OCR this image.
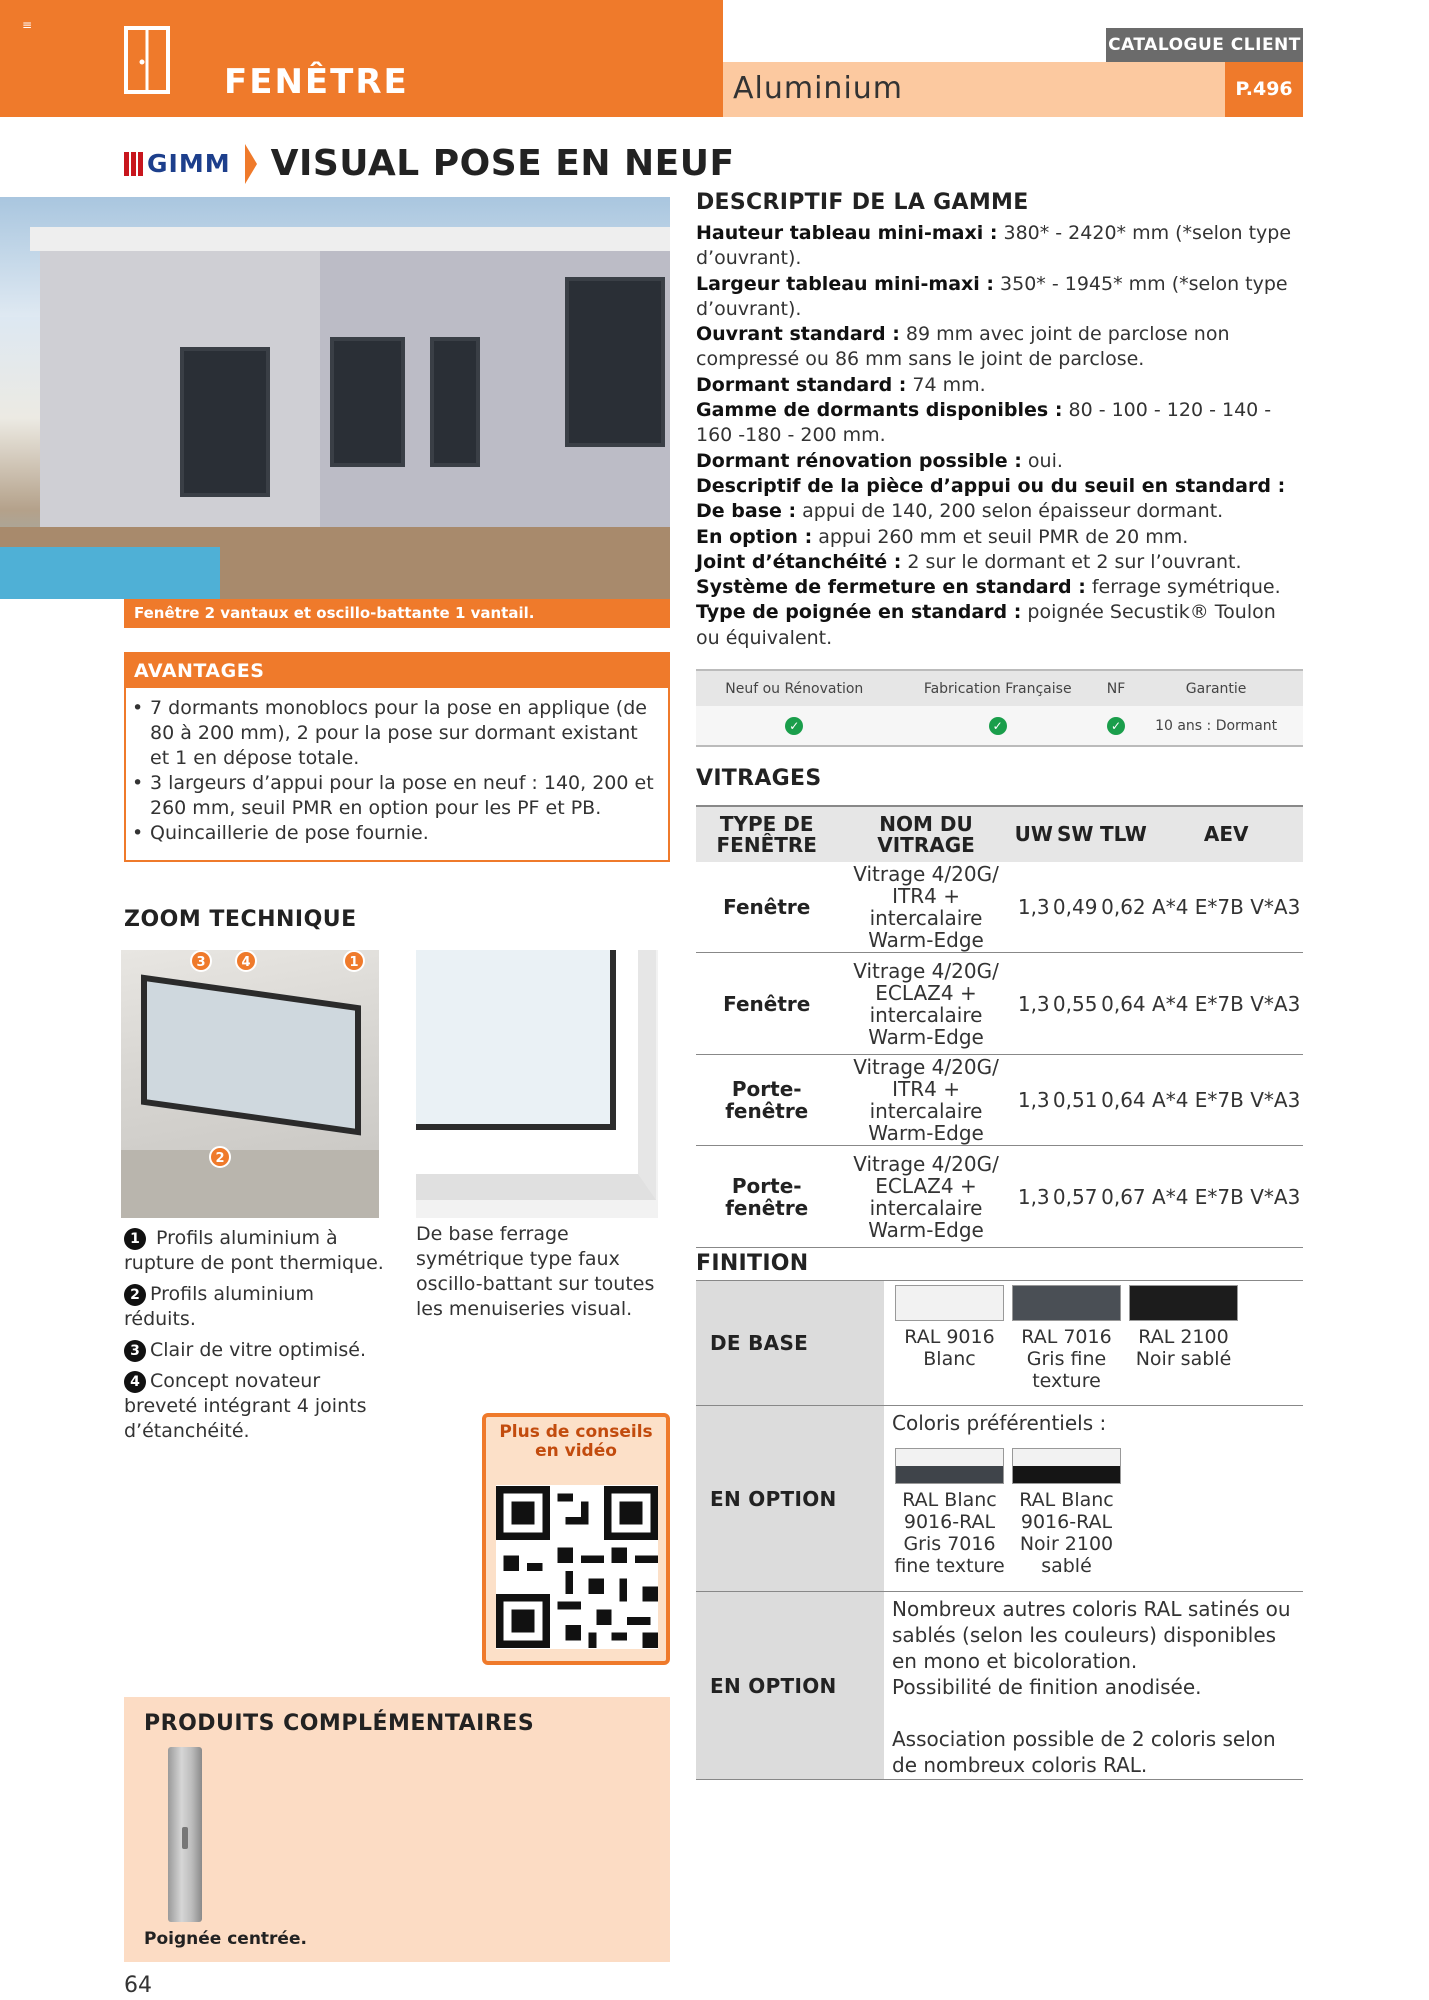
≡
FENÊTRE	Aluminium
CATALOGUE CLIENT
P.496
GIMM VISUAL POSE EN NEUF
Fenêtre 2 vantaux et oscillo-battante 1 vantail.
AVANTAGES
• 7 dormants monoblocs pour la pose en applique (de 80 à 200 mm), 2 pour la pose sur dormant existant et 1 en dépose totale.
• 3 largeurs d’appui pour la pose en neuf : 140, 200 et 260 mm, seuil PMR en option pour les PF et PB.
• Quincaillerie de pose fournie.
ZOOM TECHNIQUE
3	4	1
2
1 Profils aluminium à rupture de pont thermique.
2 Profils aluminium réduits.
3 Clair de vitre optimisé.
4 Concept novateur breveté intégrant 4 joints d’étanchéité.
De base ferrage symétrique type faux oscillo-battant sur toutes les menuiseries visual.
Plus de conseils en vidéo
PRODUITS COMPLÉMENTAIRES
Poignée centrée.
64
DESCRIPTIF DE LA GAMME
Hauteur tableau mini-maxi : 380* - 2420* mm (*selon type d’ouvrant).
Largeur tableau mini-maxi : 350* - 1945* mm (*selon type d’ouvrant).
Ouvrant standard : 89 mm avec joint de parclose non compressé ou 86 mm sans le joint de parclose.
Dormant standard : 74 mm.
Gamme de dormants disponibles : 80 - 100 - 120 - 140 - 160 -180 - 200 mm.
Dormant rénovation possible : oui.
Descriptif de la pièce d’appui ou du seuil en standard :
De base : appui de 140, 200 selon épaisseur dormant.
En option : appui 260 mm et seuil PMR de 20 mm.
Joint d’étanchéité : 2 sur le dormant et 2 sur l’ouvrant.
Système de fermeture en standard : ferrage symétrique.
Type de poignée en standard : poignée Secustik® Toulon ou équivalent.
Neuf ou Rénovation	Fabrication Française	NF	Garantie
✓	✓	✓	10 ans : Dormant
VITRAGES
TYPE DE FENÊTRE	NOM DU VITRAGE	UW	SW	TLW	AEV
Fenêtre	Vitrage 4/20G/ ITR4 + intercalaire Warm-Edge	1,3	0,49	0,62	A*4 E*7B V*A3
Fenêtre	Vitrage 4/20G/ ECLAZ4 + intercalaire Warm-Edge	1,3	0,55	0,64	A*4 E*7B V*A3
Porte-fenêtre	Vitrage 4/20G/ ITR4 + intercalaire Warm-Edge	1,3	0,51	0,64	A*4 E*7B V*A3
Porte-fenêtre	Vitrage 4/20G/ ECLAZ4 + intercalaire Warm-Edge	1,3	0,57	0,67	A*4 E*7B V*A3
FINITION
DE BASE	RAL 9016 Blanc
RAL 7016 Gris fine texture
RAL 2100 Noir sablé
EN OPTION
Coloris préférentiels :
RAL Blanc 9016-RAL Gris 7016 fine texture
RAL Blanc 9016-RAL Noir 2100 sablé
EN OPTION
Nombreux autres coloris RAL satinés ou sablés (selon les couleurs) disponibles en mono et bicoloration.
Possibilité de finition anodisée.
Association possible de 2 coloris selon de nombreux coloris RAL.
